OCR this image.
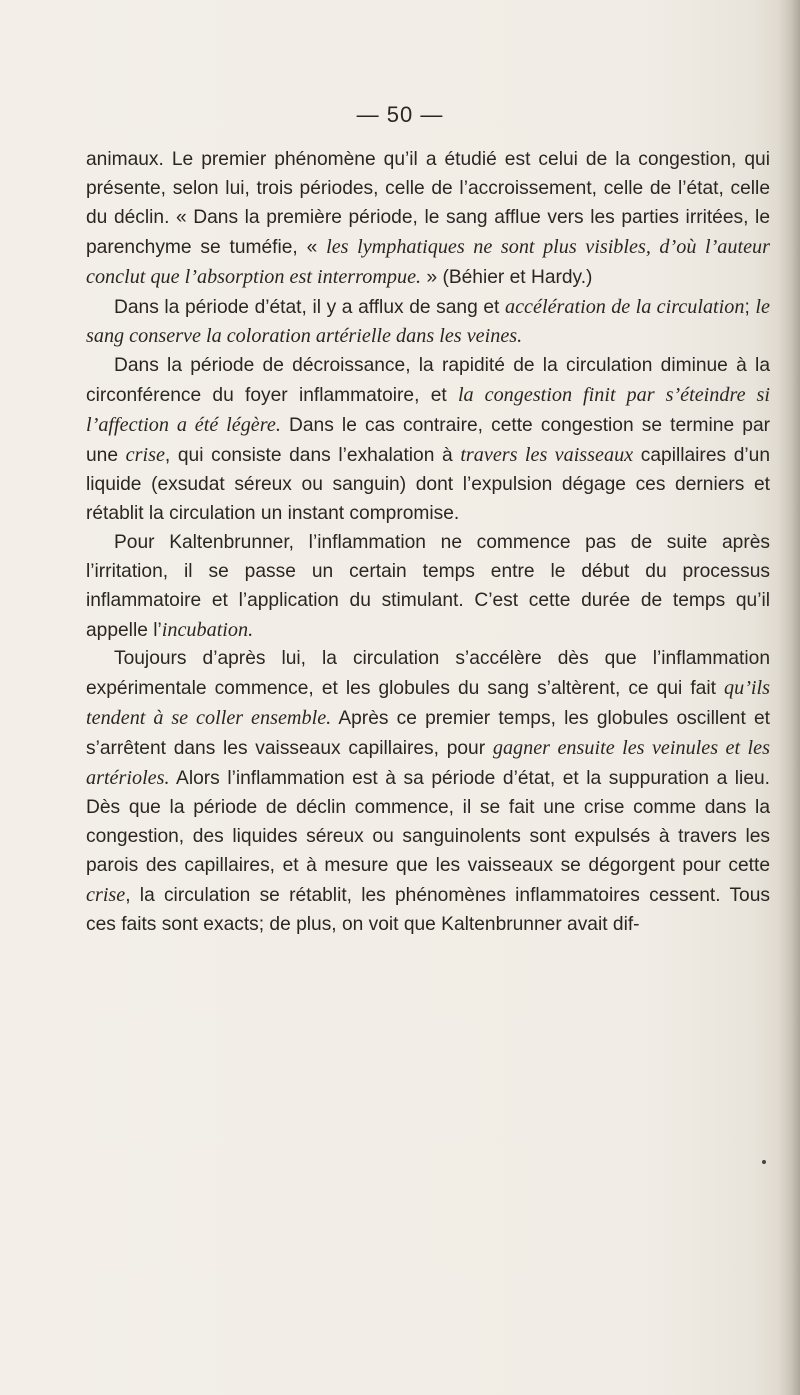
— 50 —

animaux. Le premier phénomène qu’il a étudié est celui de la congestion, qui présente, selon lui, trois périodes, celle de l’accroissement, celle de l’état, celle du déclin. « Dans la première période, le sang afflue vers les parties irritées, le parenchyme se tuméfie, « les lymphatiques ne sont plus visibles, d’où l’auteur conclut que l’absorption est interrompue. » (Béhier et Hardy.)

Dans la période d’état, il y a afflux de sang et accélération de la circulation; le sang conserve la coloration artérielle dans les veines.

Dans la période de décroissance, la rapidité de la circulation diminue à la circonférence du foyer inflammatoire, et la congestion finit par s’éteindre si l’affection a été légère. Dans le cas contraire, cette congestion se termine par une crise, qui consiste dans l’exhalation à travers les vaisseaux capillaires d’un liquide (exsudat séreux ou sanguin) dont l’expulsion dégage ces derniers et rétablit la circulation un instant compromise.

Pour Kaltenbrunner, l’inflammation ne commence pas de suite après l’irritation, il se passe un certain temps entre le début du processus inflammatoire et l’application du stimulant. C’est cette durée de temps qu’il appelle l’incubation.

Toujours d’après lui, la circulation s’accélère dès que l’inflammation expérimentale commence, et les globules du sang s’altèrent, ce qui fait qu’ils tendent à se coller ensemble. Après ce premier temps, les globules oscillent et s’arrêtent dans les vaisseaux capillaires, pour gagner ensuite les veinules et les artérioles. Alors l’inflammation est à sa période d’état, et la suppuration a lieu. Dès que la période de déclin commence, il se fait une crise comme dans la congestion, des liquides séreux ou sanguinolents sont expulsés à travers les parois des capillaires, et à mesure que les vaisseaux se dégorgent pour cette crise, la circulation se rétablit, les phénomènes inflammatoires cessent. Tous ces faits sont exacts; de plus, on voit que Kaltenbrunner avait dif-
